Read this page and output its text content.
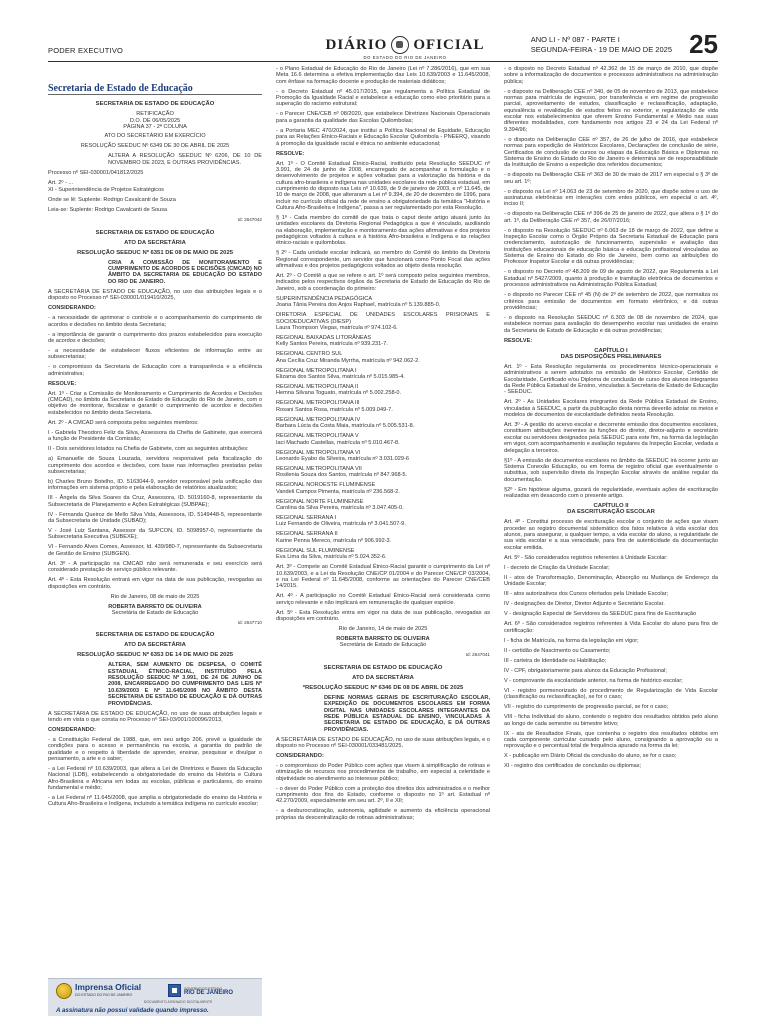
PODER EXECUTIVO	DIÁRIO OFICIAL
DO ESTADO DO RIO DE JANEIRO
ANO LI - Nº 087 - PARTE I
SEGUNDA-FEIRA - 19 DE MAIO DE 2025 25
Secretaria de Estado de Educação

SECRETARIA DE ESTADO DE EDUCAÇÃO

RETIFICAÇÃO
D.O. DE 06/05/2025
PÁGINA 37 - 2ª COLUNA

ATO DO SECRETÁRIO EM EXERCÍCIO

RESOLUÇÃO SEEDUC Nº 6349 DE 30 DE ABRIL DE 2025

ALTERA A RESOLUÇÃO SEEDUC Nº 6206, DE 10 DE NOVEMBRO DE 2023, E OUTRAS PROVIDÊNCIAS.

Processo nº SEI-030001/041812/2025

Art. 2º - ...

XI - Superintendência de Projetos Estratégicos

Onde se lê: Suplente: Rodrigo Cavalcanti de Souza

Leia-se: Suplente: Rodrigo Cavalcanti de Sousa

Id: 2647042

SECRETARIA DE ESTADO DE EDUCAÇÃO

ATO DA SECRETÁRIA

RESOLUÇÃO SEEDUC Nº 6351 DE 08 DE MAIO DE 2025

CRIA A COMISSÃO DE MONITORAMENTO E CUMPRIMENTO DE ACORDOS E DECISÕES (CMCAD) NO ÂMBITO DA SECRETARIA DE EDUCAÇÃO DO ESTADO DO RIO DE JANEIRO.

A SECRETÁRIA DE ESTADO DE EDUCAÇÃO, no uso das atribuições legais e o disposto no Processo nº SEI-030001/019410/2025,

CONSIDERANDO:

- a necessidade de aprimorar o controle e o acompanhamento do cumprimento de acordos e decisões no âmbito desta Secretaria;

- a importância de garantir o cumprimento dos prazos estabelecidos para execução de acordos e decisões;

- a necessidade de estabelecer fluxos eficientes de informação entre as subsecretarias;

- o compromisso da Secretaria de Educação com a transparência e a eficiência administrativa;

RESOLVE:

Art. 1º - Criar a Comissão de Monitoramento e Cumprimento de Acordos e Decisões (CMCAD), no âmbito da Secretaria de Estado de Educação do Rio de Janeiro, com o objetivo de monitorar, fiscalizar e garantir o cumprimento de acordos e decisões estabelecidos no âmbito desta Secretaria.

Art. 2º - A CMCAD será composta pelos seguintes membros:

I - Gabriela Theodoro Feliz da Silva, Assessora da Chefia de Gabinete, que exercerá a função de Presidente da Comissão;

II - Dois servidores lotados na Chefia de Gabinete, com as seguintes atribuições:

a) Emanuelle de Souza Louzada, servidora responsável pela fiscalização do cumprimento dos acordos e decisões, com base nas informações prestadas pelas subsecretarias;

b) Charles Bruno Botelho, ID. 5163044-9, servidor responsável pela unificação das informações em sistema próprio e pela elaboração de relatórios atualizados;

III - Ângela da Silva Soares da Cruz, Assessora, ID. 5019160-8, representante da Subsecretaria de Planejamento e Ações Estratégicas (SUBPAE);

IV - Fernanda Queiroz de Mello Silva Vida, Assessora, ID. 5149448-5, representante da Subsecretaria de Unidade (SUBAD);

V - José Luiz Santana, Assessor da SUPCON, ID. 5098957-0, representante da Subsecretaria Executiva (SUBEXE);

VI - Fernando Alves Comes, Assessor, Id. 439/980-7, representante da Subsecretaria de Gestão de Ensino (SUBGEN).

Art. 3º - A participação na CMCAD não será remunerada e seu exercício será considerado prestação de serviço público relevante.

Art. 4º - Esta Resolução entrará em vigor na data de sua publicação, revogadas as disposições em contrário.

Rio de Janeiro, 08 de maio de 2025

ROBERTA BARRETO DE OLIVEIRA

Secretária de Estado de Educação

Id: 2647710

SECRETARIA DE ESTADO DE EDUCAÇÃO

ATO DA SECRETÁRIA

RESOLUÇÃO SEEDUC Nº 6353 DE 14 DE MAIO DE 2025

ALTERA, SEM AUMENTO DE DESPESA, O COMITÊ ESTADUAL ÉTNICO-RACIAL, INSTITUÍDO PELA RESOLUÇÃO SEEDUC Nº 3.991, DE 24 DE JUNHO DE 2008, ENCARREGADO DO CUMPRIMENTO DAS LEIS Nº 10.639/2003 E Nº 11.645/2008 NO ÂMBITO DESTA SECRETARIA DE ESTADO DE EDUCAÇÃO E DÁ OUTRAS PROVIDÊNCIAS.

A SECRETÁRIA DE ESTADO DE EDUCAÇÃO, no uso de suas atribuições legais e tendo em vista o que consta no Processo nº SEI-03/001/100096/2013,

CONSIDERANDO:

- a Constituição Federal de 1988, que, em seu artigo 206, prevê a igualdade de condições para o acesso e permanência na escola, a garantia do padrão de qualidade e o respeito à liberdade de aprender, ensinar, pesquisar e divulgar o pensamento, a arte e o saber;

- a Lei Federal nº 10.639/2003, que altera a Lei de Diretrizes e Bases da Educação Nacional (LDB), estabelecendo a obrigatoriedade do ensino da História e Cultura Afro-Brasileira e Africana em todas as escolas, públicas e particulares, do ensino fundamental e médio;

- a Lei Federal nº 11.645/2008, que amplia a obrigatoriedade do ensino da História e Cultura Afro-Brasileira e Indígena, incluindo a temática indígena no currículo escolar;

- o Plano Estadual de Educação do Rio de Janeiro (Lei nº 7.286/2016), que em sua Meta 16.6 determina a efetiva implementação das Leis 10.639/2003 e 11.645/2008, com ênfase na formação docente e produção de materiais didáticos;

- o Decreto Estadual nº 45.017/2015, que regulamenta a Política Estadual de Promoção da Igualdade Racial e estabelece a educação como eixo prioritário para a superação do racismo estrutural;

- o Parecer CNE/CEB nº 08/2020, que estabelece Diretrizes Nacionais Operacionais para a garantia da qualidade das Escolas Quilombolas;

- a Portaria MEC 470/2024, que institui a Política Nacional de Equidade, Educação para as Relações Étnico-Raciais e Educação Escolar Quilombola - PNEERQ, visando à promoção da igualdade racial e étnica no ambiente educacional;

RESOLVE:

Art. 1º - O Comitê Estadual Étnico-Racial, instituído pela Resolução SEEDUC nº 3.991, de 24 de junho de 2008, encarregado de acompanhar a formulação e o desenvolvimento de projetos e ações voltadas para a valorização da história e da cultura afro-brasileira e indígena nas unidades escolares da rede pública estadual, em cumprimento do disposto nas Leis nº 10.639, de 9 de janeiro de 2003, e nº 11.645, de 10 de março de 2008, que alteraram a Lei nº 9.394, de 20 de dezembro de 1996, para incluir no currículo oficial da rede de ensino a obrigatoriedade da temática "História e Cultura Afro-Brasileira e Indígena", passa a ser regulamentado por esta Resolução.

§ 1º - Cada membro do comitê de que trata o caput deste artigo atuará junto às unidades escolares da Diretoria Regional Pedagógica a que é vinculado, auxiliando na elaboração, implementação e monitoramento das ações afirmativas e dos projetos pedagógicos voltados à cultura e à história Afro-brasileira e Indígena e às relações étnico-raciais e quilombolas.

§ 2º - Cada unidade escolar indicará, ao membro do Comitê do âmbito da Diretoria Regional correspondente, um servidor que funcionará como Ponto Focal das ações afirmativas e dos projetos pedagógicos voltados ao objeto desta resolução.

Art. 2º - O Comitê a que se refere o art. 1º será composto pelos seguintes membros, indicados pelos respectivos órgãos da Secretaria de Estado de Educação do Rio de Janeiro, sob a coordenação do primeiro:

SUPERINTENDÊNCIA PEDAGÓGICA
Joana Tânia Pereira dos Anjos Raphael, matrícula nº 5.139.885-0.

DIRETORIA ESPECIAL DE UNIDADES ESCOLARES PRISIONAIS E SOCIOEDUCATIVAS (DIESP)
Laura Thompson Viegas, matrícula nº 974.102-6.

REGIONAL BAIXADAS LITORÂNEAS
Kelly Santos Pereira, matrícula nº 939.231-7.

REGIONAL CENTRO SUL
Ana Cecília Cruz Miranda Myrrha, matrícula nº 942.062-2.

REGIONAL METROPOLITANA I
Elizama dos Santos Silva, matrícula nº 5.015.985-4.

REGIONAL METROPOLITANA II
Hemna Silvana Toguato, matrícula nº 5.002.258-0.

REGIONAL METROPOLITANA III
Rosani Santos Rosa, matrícula nº 5.009.049-7.

REGIONAL METROPOLITANA IV
Barbara Lúcia da Costa Maia, matrícula nº 5.005.531-8.

REGIONAL METROPOLITANA V
Iaci Machado Castellas, matrícula nº 5.010.467-8.

REGIONAL METROPOLITANA VI
Leonardo Eyabo da Silveira, matrícula nº 3.031.029-6

REGIONAL METROPOLITANA VII
Rosilenia Souza dos Santos, matrícula nº 847.968-5.

REGIONAL NOROESTE FLUMINENSE
Vandeli Campos Pimenta, matrícula nº 236.568-2.

REGIONAL NORTE FLUMINENSE
Carolina da Silva Pereira, matrícula nº 3.047.405-0.

REGIONAL SERRANA I
Luiz Fernando de Oliveira, matrícula nº 3.041.507-9.

REGIONAL SERRANA II
Karine Penna Mereco, matrícula nº 906.992-3.

REGIONAL SUL FLUMINENSE
Eva Lima da Silva, matrícula nº 5.024.352-6.

Art. 3º - Compete ao Comitê Estadual Étnico-Racial garantir o cumprimento da Lei nº 10.639/2003, e a Lei da Resolução CNE/CP 01/2004 e do Parecer CNE/CP 03/2004, e na Lei Federal nº 11.645/2008, conforme as orientações do Parecer CNE/CEB 14/2015.

Art. 4º - A participação no Comitê Estadual Étnico-Racial será considerada como serviço relevante e não implicará em remuneração de qualquer espécie.

Art. 5º - Esta Resolução entra em vigor na data de sua publicação, revogadas as disposições em contrário.

Rio de Janeiro, 14 de maio de 2025

ROBERTA BARRETO DE OLIVEIRA

Secretária de Estado de Educação

Id: 2647041

SECRETARIA DE ESTADO DE EDUCAÇÃO

ATO DA SECRETÁRIA

*RESOLUÇÃO SEEDUC Nº 6346 DE 08 DE ABRIL DE 2025

DEFINE NORMAS GERAIS DE ESCRITURAÇÃO ESCOLAR, EXPEDIÇÃO DE DOCUMENTOS ESCOLARES EM FORMA DIGITAL NAS UNIDADES ESCOLARES INTEGRANTES DA REDE PÚBLICA ESTADUAL DE ENSINO, VINCULADAS À SECRETARIA DE ESTADO DE EDUCAÇÃO, E DÁ OUTRAS PROVIDÊNCIAS.

A SECRETÁRIA DE ESTADO DE EDUCAÇÃO, no uso de suas atribuições legais, e o disposto no Processo nº SEI-030001/033481/2025,

CONSIDERANDO:

- o compromisso do Poder Público com ações que visem à simplificação de rotinas e otimização de recursos nos procedimentos de trabalho, em especial a celeridade e objetividade no atendimento ao interesse público;

- o dever do Poder Público com a proteção dos direitos dos administrados e o melhor cumprimento dos fins do Estado, conforme o disposto no 1º art. Estadual nº 42.270/2009, especialmente em seu art. 2º, II e XII;

- a desburocratização, autonomia, agilidade e aumento da eficiência operacional próprias da descentralização de rotinas administrativas;

- o disposto no Decreto Estadual nº 42.362 de 15 de março de 2010, que dispõe sobre a informatização de documentos e processos administrativos na administração pública;

- o disposto na Deliberação CEE nº 340, de 05 de novembro de 2013, que estabelece normas para matrícula de ingresso, por transferência e em regime de progressão parcial, aproveitamento de estudos, classificação e reclassificação, adaptação, equivalência e revalidação de estudos feitos no exterior, e regularização de vida escolar nos estabelecimentos que oferem Ensino Fundamental e Médio nas suas diferentes modalidades, com fundamento nos artigos 23 e 24 da Lei Federal nº 9.394/96;

- o disposto na Deliberação CEE nº 357, de 26 de julho de 2016, que estabelece normas para expedição de Históricos Escolares, Declarações de conclusão de série, Certificados de conclusão de cursos ou etapas da Educação Básica e Diplomas no Sistema de Ensino do Estado do Rio de Janeiro e determina ser de responsabilidade da Instituição de Ensino a expedição dos referidos documentos;

- o disposto na Deliberação CEE nº 363 de 30 de maio de 2017 em especial o § 3º de seu art. 1º;

- o disposto na Lei nº 14.063 de 23 de setembro de 2020, que dispõe sobre o uso de assinaturas eletrônicas em interações com entes públicos, em especial o art. 4º, inciso II;

- o disposto na Deliberação CEE nº 396 de 25 de janeiro de 2022, que altera o § 1º do art. 1º, da Deliberação CEE nº 357, de 26/07/2016;

- o disposto na Resolução SEEDUC nº 6.063 de 18 de março de 2022, que define a Inspeção Escolar como o Órgão Próprio da Secretaria Estadual de Educação para credenciamento, autorização de funcionamento, supervisão e avaliação das instituições educacionais de educação básica e educação profissional vinculadas ao Sistema de Ensino do Estado do Rio de Janeiro, bem como as atribuições do Professor Inspetor Escolar e dá outras providências;

- o disposto no Decreto nº 48.209 de 09 de agosto de 2022, que Regulamenta a Lei Estadual nº 5427/2009, quanto à produção e tramitação eletrônica de documentos e processos administrativos na Administração Pública Estadual;

- o disposto no Parecer CEE nº 45 (N) de 2º de setembro de 2022, que normatiza os critérios para emissão de documentos em formato eletrônico, e dá outras providências;

- o disposto na Resolução SEEDUC nº 6.303 de 08 de novembro de 2024, que estabelece normas para avaliação do desempenho escolar nas unidades de ensino da Secretaria de Estado de Educação e dá outras providências;

RESOLVE:

CAPÍTULO I
DAS DISPOSIÇÕES PRELIMINARES

Art. 1º - Esta Resolução regulamenta os procedimentos técnico-operacionais e administrativos a serem adotados na emissão de Histórico Escolar, Certidão de Escolaridade, Certificado e/ou Diploma de conclusão de curso dos alunos integrantes da Rede Pública Estadual de Ensino, vinculadas à Secretaria de Estado de Educação - SEEDUC.

Art. 2º - As Unidades Escolares integrantes da Rede Pública Estadual de Ensino, vinculadas à SEEDUC, a partir da publicação desta norma deverão adotar os meios e modelos de documentos de escolaridade definidos nesta Resolução.

Art. 3º - A gestão do acervo escolar e decorrente emissão dos documentos escolares, constituem atribuições inerentes às funções do diretor, diretor-adjunto e secretário escolar ou servidores designados pela SEEDUC para este fim, na forma da legislação em vigor, com acompanhamento e avaliação regulares da Inspeção Escolar, vedada a delegação a terceiros.

§1º - A emissão de documentos escolares no âmbito da SEEDUC irá ocorrer junto ao Sistema Conexão Educação, ou em forma de registro oficial que eventualmente o substitua, sob supervisão direta da Inspeção Escolar através de análise regular da documentação.

§2º - Em hipótese alguma, gozará de regularidade, eventuais ações de escrituração realizadas em desacordo com o presente artigo.

CAPÍTULO II
DA ESCRITURAÇÃO ESCOLAR

Art. 4º - Constitui processo de escrituração escolar o conjunto de ações que visam proceder ao registro documental sistemático dos fatos relativos à vida escolar dos alunos, para assegurar, a qualquer tempo, a vida escolar do aluno, a regularidade de sua vida escolar e a sua veracidade, para fins de autenticidade da documentação escolar emitida.

Art. 5º - São considerados registros referentes à Unidade Escolar:

I - decreto de Criação da Unidade Escolar;

II - atos de Transformação, Denominação, Absorção ou Mudança de Endereço da Unidade Escolar;

III - atos autorizativos dos Cursos ofertados pela Unidade Escolar;

IV - designações de Diretor, Diretor Adjunto e Secretário Escolar.

V - designação Especial de Servidores da SEEDUC para fins de Escrituração

Art. 6º - São considerados registros referentes à Vida Escolar do aluno para fins de certificação:

I - ficha de Matrícula, na forma da legislação em vigor;

II - certidão de Nascimento ou Casamento;

III - carteira de Identidade ou Habilitação;

IV - CPF, obrigatoriamente para alunos da Educação Profissional;

V - comprovante da escolaridade anterior, na forma de histórico escolar;

VI - registro pormenorizado do procedimento de Regularização de Vida Escolar (classificação ou reclassificação), se for o caso;

VII - registro do cumprimento de progressão parcial, se for o caso;

VIII - ficha Individual do aluno, contendo o registro dos resultados obtidos pelo aluno ao longo de cada semestre ou bimestre letivo;

IX - ata de Resultados Finais, que contenha o registro dos resultados obtidos em cada componente curricular cursado pelo aluno, consignando a aprovação ou a reprovação e o percentual total de frequência apurado na forma da lei;

X - publicação em Diário Oficial da conclusão do aluno, se for o caso;

XI - registro dos certificados de conclusão ou diplomas;

Imprensa Oficial
DO ESTADO DO RIO DE JANEIRO
GOVERNO DO ESTADO
RIO DE JANEIRO
DOCUMENTO ASSINADO DIGITALMENTE
A assinatura não possui validade quando impresso.
